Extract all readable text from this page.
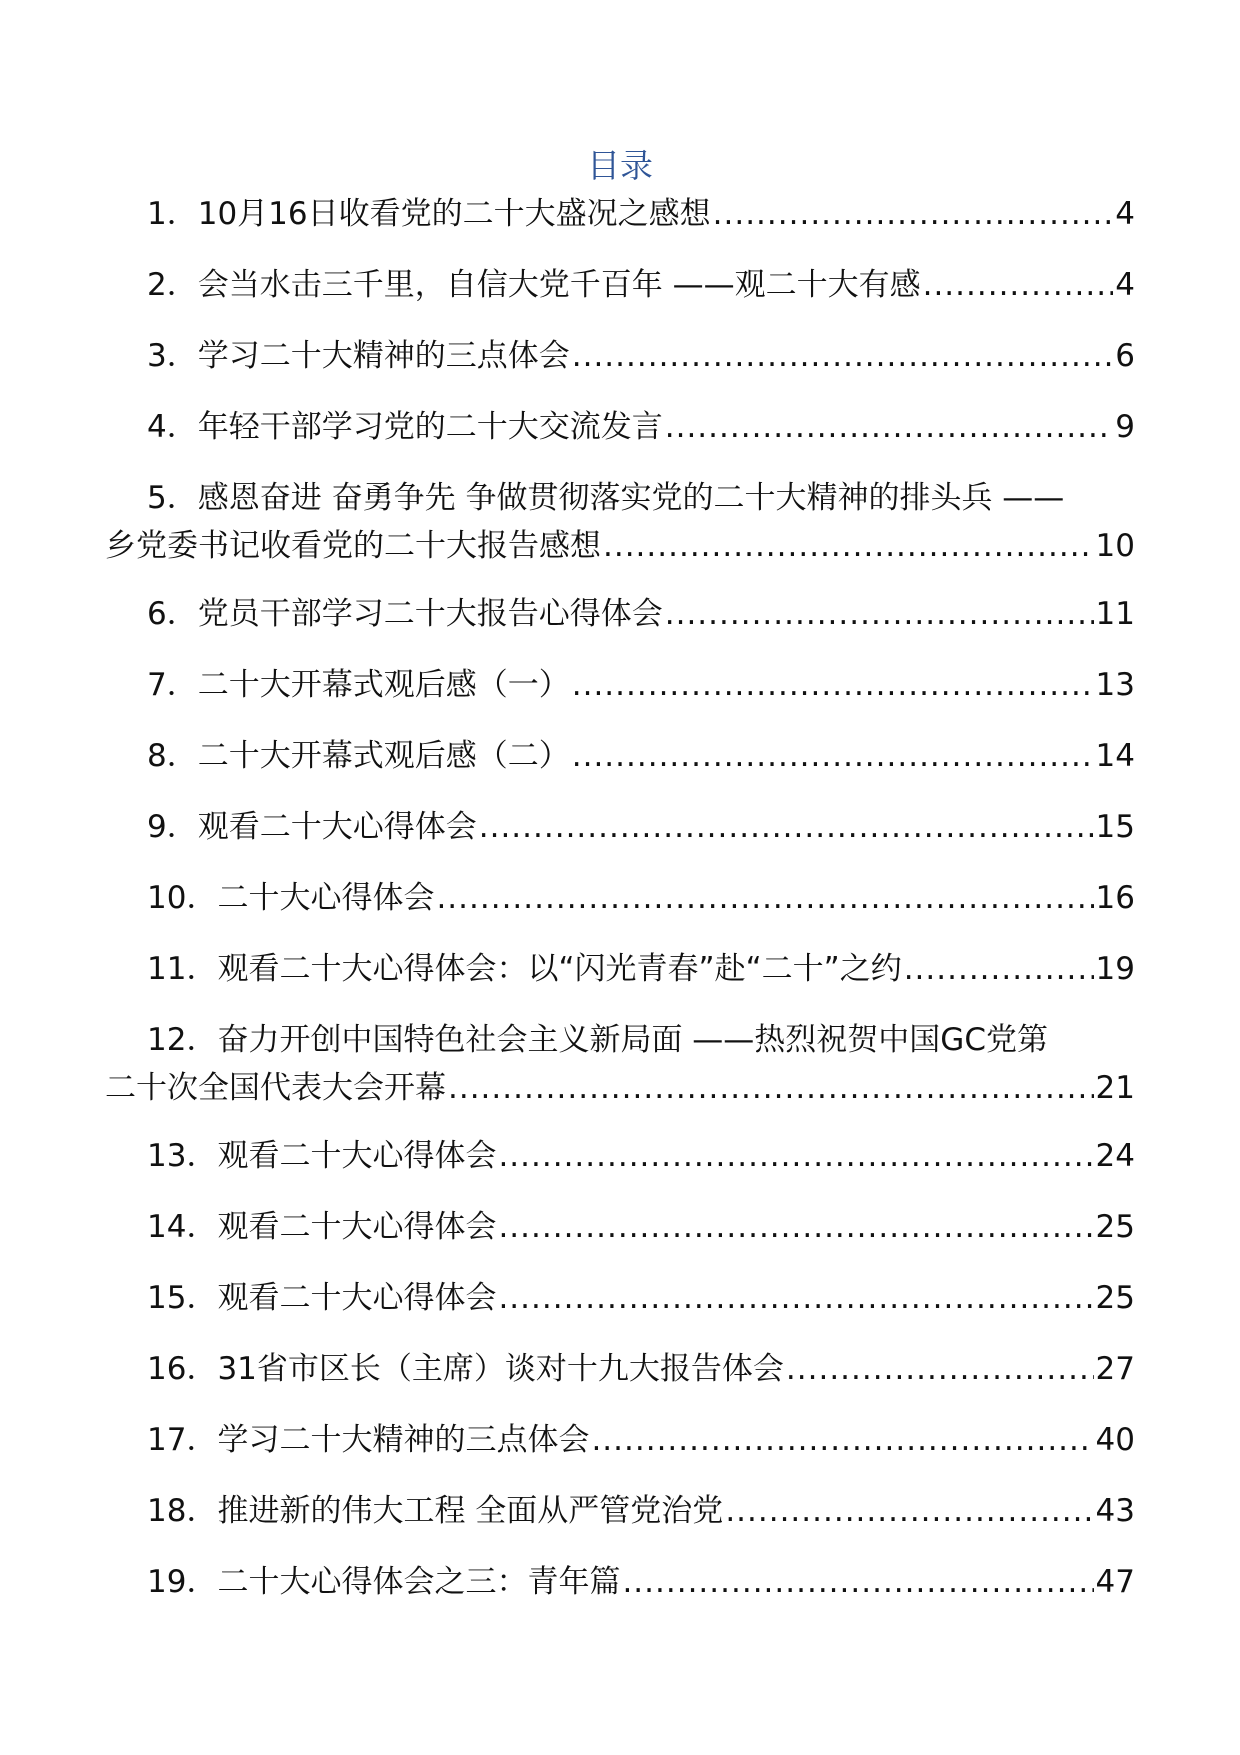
目录
1．10月16日收看党的二十大盛况之感想 .....	4
2．会当水击三千里，自信大党千百年 ——观二十大有感 .....	4
3．学习二十大精神的三点体会 .....	6
4．年轻干部学习党的二十大交流发言 .....	9
5．感恩奋进 奋勇争先 争做贯彻落实党的二十大精神的排头兵 ——
乡党委书记收看党的二十大报告感想 .....	10
6．党员干部学习二十大报告心得体会 .....	11
7．二十大开幕式观后感（一） .....	13
8．二十大开幕式观后感（二） .....	14
9．观看二十大心得体会 .....	15
10．二十大心得体会 .....	16
11．观看二十大心得体会：以“闪光青春”赴“二十”之约 .....	19
12．奋力开创中国特色社会主义新局面 ——热烈祝贺中国GC党第
二十次全国代表大会开幕 .....	21
13．观看二十大心得体会 .....	24
14．观看二十大心得体会 .....	25
15．观看二十大心得体会 .....	25
16．31省市区长（主席）谈对十九大报告体会 .....	27
17．学习二十大精神的三点体会 .....	40
18．推进新的伟大工程 全面从严管党治党 .....	43
19．二十大心得体会之三：青年篇 .....	47
